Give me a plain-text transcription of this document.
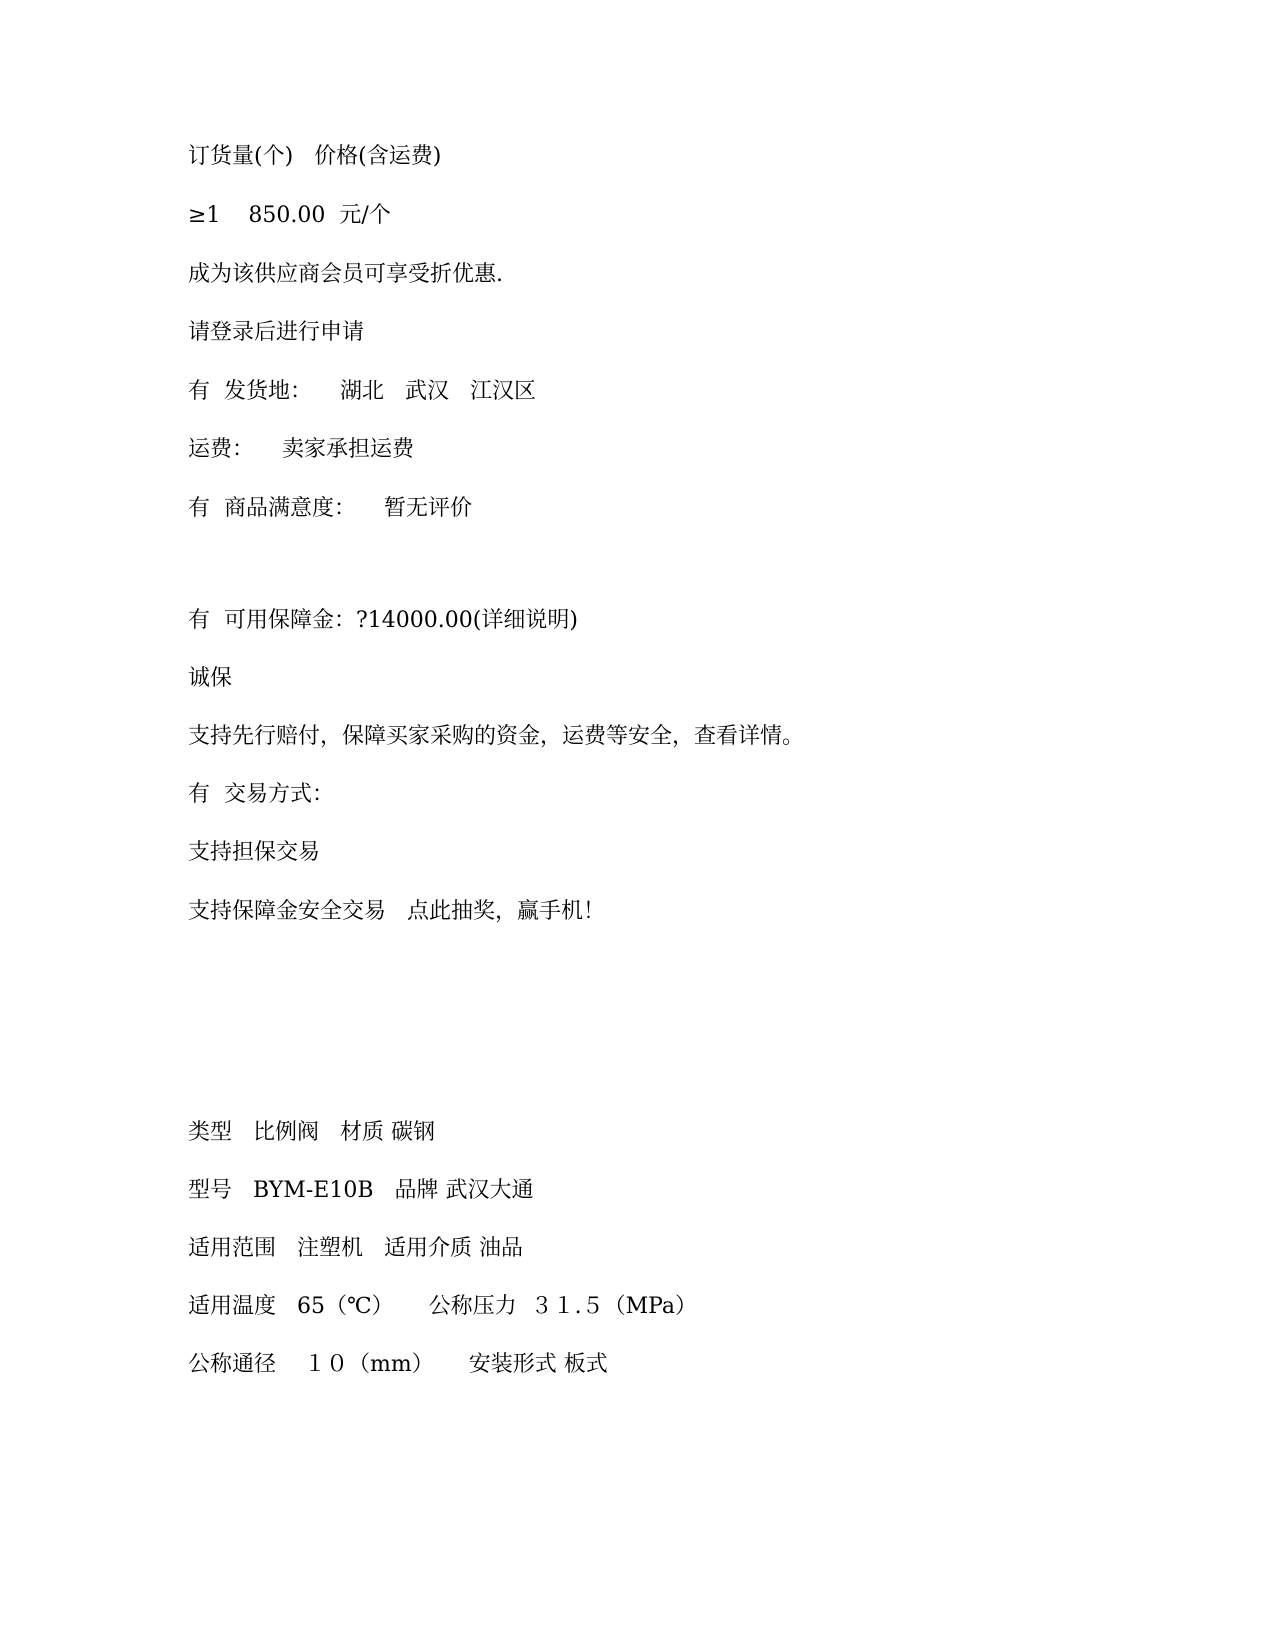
订货量(个) 价格(含运费)
≥1 850.00 元/个
成为该供应商会员可享受折优惠.
请登录后进行申请
有 发货地： 湖北 武汉 江汉区
运费： 卖家承担运费
有 商品满意度： 暂无评价
有 可用保障金：?14000.00(详细说明)
诚保
支持先行赔付，保障买家采购的资金，运费等安全，查看详情。
有 交易方式：
支持担保交易
支持保障金安全交易 点此抽奖，赢手机！
类型 比例阀 材质 碳钢
型号 BYM-E10B 品牌 武汉大通
适用范围 注塑机 适用介质 油品
适用温度 65（℃） 公称压力 ３１.５（MPa）
公称通径 １０（mm） 安装形式 板式
